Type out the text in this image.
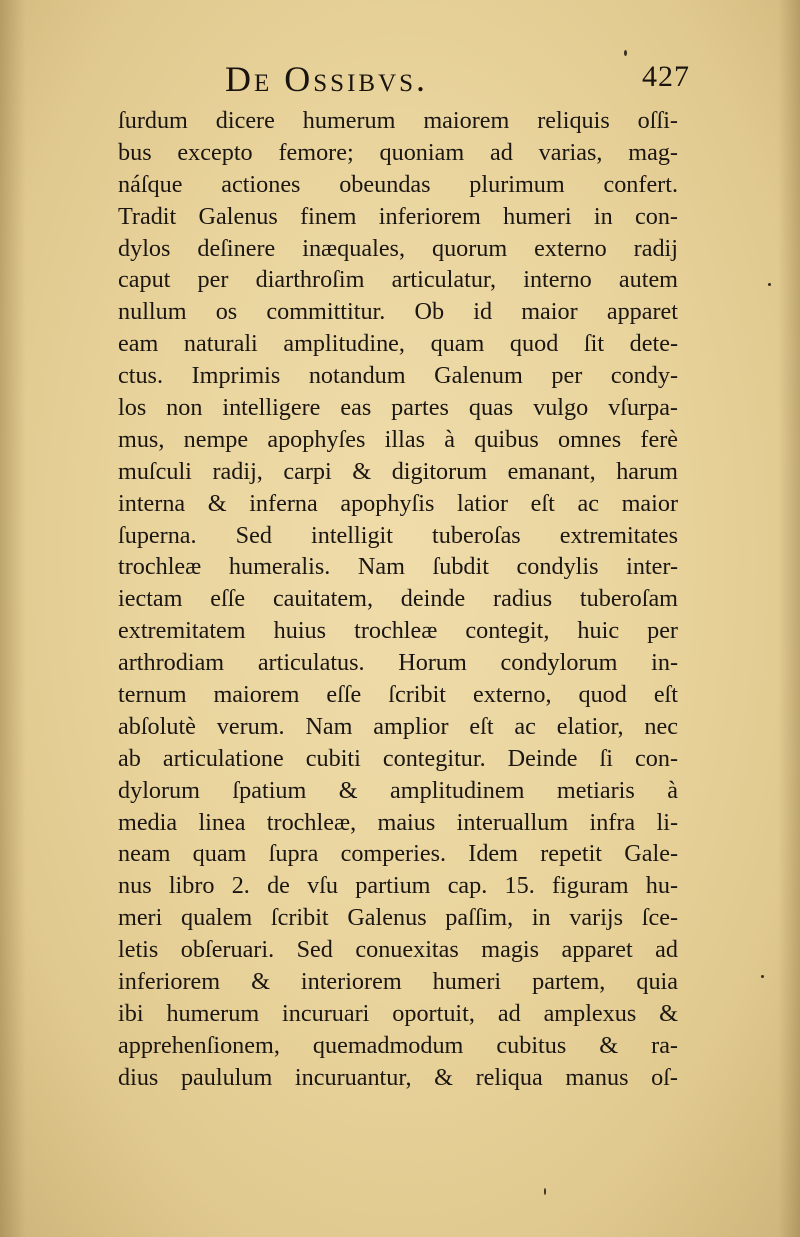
De Ossibvs.	427
ſurdum dicere humerum maiorem reliquis oſſi-
bus excepto femore; quoniam ad varias, mag-
náſque actiones obeundas plurimum confert.
Tradit Galenus finem inferiorem humeri in con-
dylos deſinere inæquales, quorum externo radij
caput per diarthroſim articulatur, interno autem
nullum os committitur. Ob id maior apparet
eam naturali amplitudine, quam quod ſit dete-
ctus. Imprimis notandum Galenum per condy-
los non intelligere eas partes quas vulgo vſurpa-
mus, nempe apophyſes illas à quibus omnes ferè
muſculi radij, carpi & digitorum emanant, harum
interna & inferna apophyſis latior eſt ac maior
ſuperna. Sed intelligit tuberoſas extremitates
trochleæ humeralis. Nam ſubdit condylis inter-
iectam eſſe cauitatem, deinde radius tuberoſam
extremitatem huius trochleæ contegit, huic per
arthrodiam articulatus. Horum condylorum in-
ternum maiorem eſſe ſcribit externo, quod eſt
abſolutè verum. Nam amplior eſt ac elatior, nec
ab articulatione cubiti contegitur. Deinde ſi con-
dylorum ſpatium & amplitudinem metiaris à
media linea trochleæ, maius interuallum infra li-
neam quam ſupra comperies. Idem repetit Gale-
nus libro 2. de vſu partium cap. 15. figuram hu-
meri qualem ſcribit Galenus paſſim, in varijs ſce-
letis obſeruari. Sed conuexitas magis apparet ad
inferiorem & interiorem humeri partem, quia
ibi humerum incuruari oportuit, ad amplexus &
apprehenſionem, quemadmodum cubitus & ra-
dius paululum incuruantur, & reliqua manus oſ-
